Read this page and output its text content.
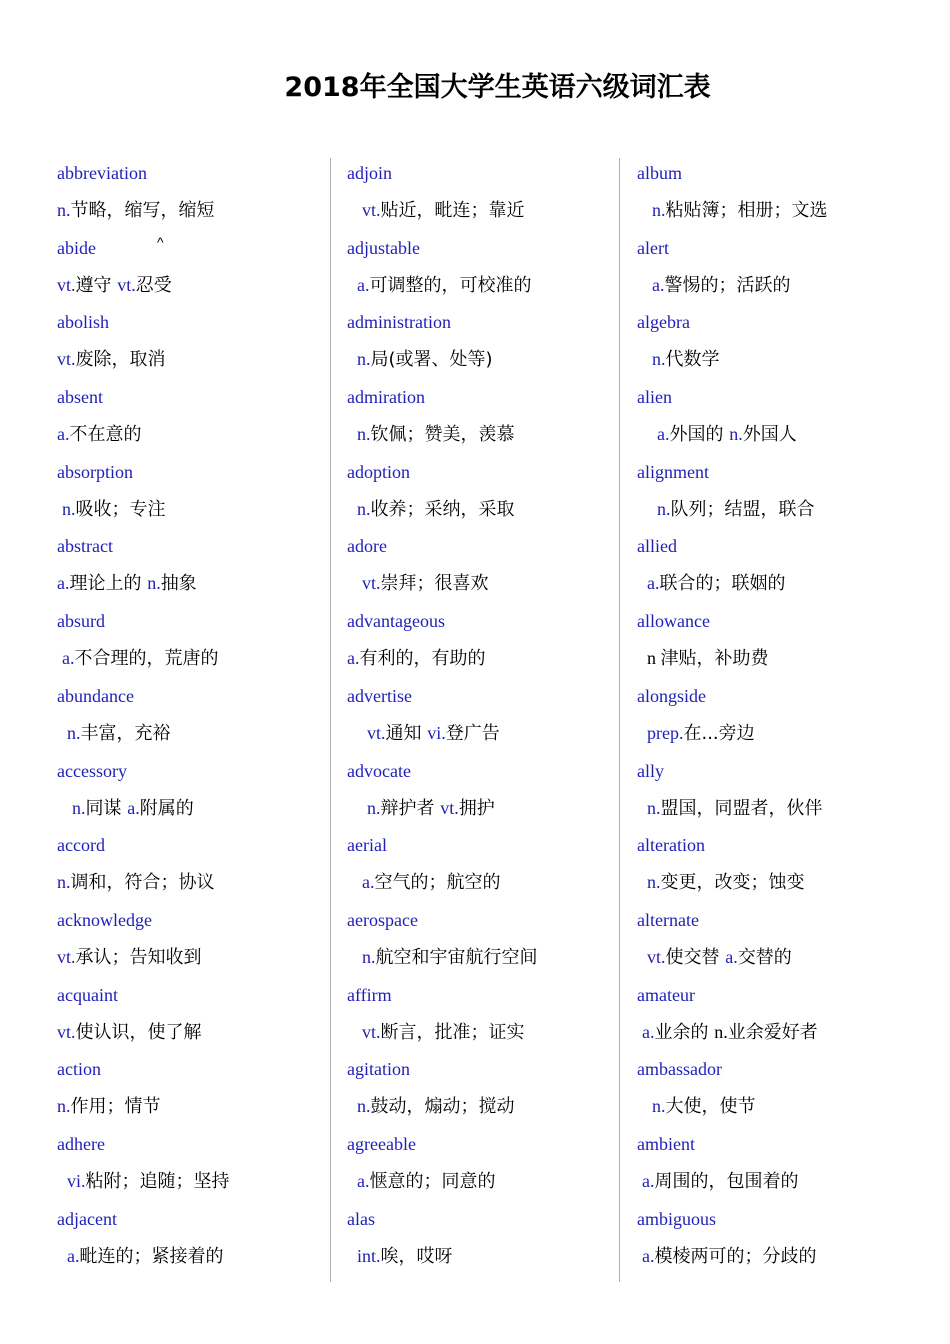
2018年全国大学生英语六级词汇表
abbreviation
n.节略，缩写，缩短
abide	^
vt.遵守 vt.忍受
abolish
vt.废除，取消
absent
a.不在意的
absorption
n.吸收；专注
abstract
a.理论上的 n.抽象
absurd
a.不合理的，荒唐的
abundance
n.丰富，充裕
accessory
n.同谋 a.附属的
accord
n.调和，符合；协议
acknowledge
vt.承认；告知收到
acquaint
vt.使认识，使了解
action
n.作用；情节
adhere
vi.粘附；追随；坚持
adjacent
a.毗连的；紧接着的
adjoin
vt.贴近，毗连；靠近
adjustable
a.可调整的，可校准的
administration
n.局(或署、处等)
admiration
n.钦佩；赞美，羡慕
adoption
n.收养；采纳，采取
adore
vt.崇拜；很喜欢
advantageous
a.有利的，有助的
advertise
vt.通知 vi.登广告
advocate
n.辩护者 vt.拥护
aerial
a.空气的；航空的
aerospace
n.航空和宇宙航行空间
affirm
vt.断言，批准；证实
agitation
n.鼓动，煽动；搅动
agreeable
a.惬意的；同意的
alas
int.唉，哎呀
album
n.粘贴簿；相册；文选
alert
a.警惕的；活跃的
algebra
n.代数学
alien
a.外国的 n.外国人
alignment
n.队列；结盟，联合
allied
a.联合的；联姻的
allowance
n 津贴，补助费
alongside
prep.在...旁边
ally
n.盟国，同盟者，伙伴
alteration
n.变更，改变；蚀变
alternate
vt.使交替 a.交替的
amateur
a.业余的 n.业余爱好者
ambassador
n.大使，使节
ambient
a.周围的，包围着的
ambiguous
a.模棱两可的；分歧的
